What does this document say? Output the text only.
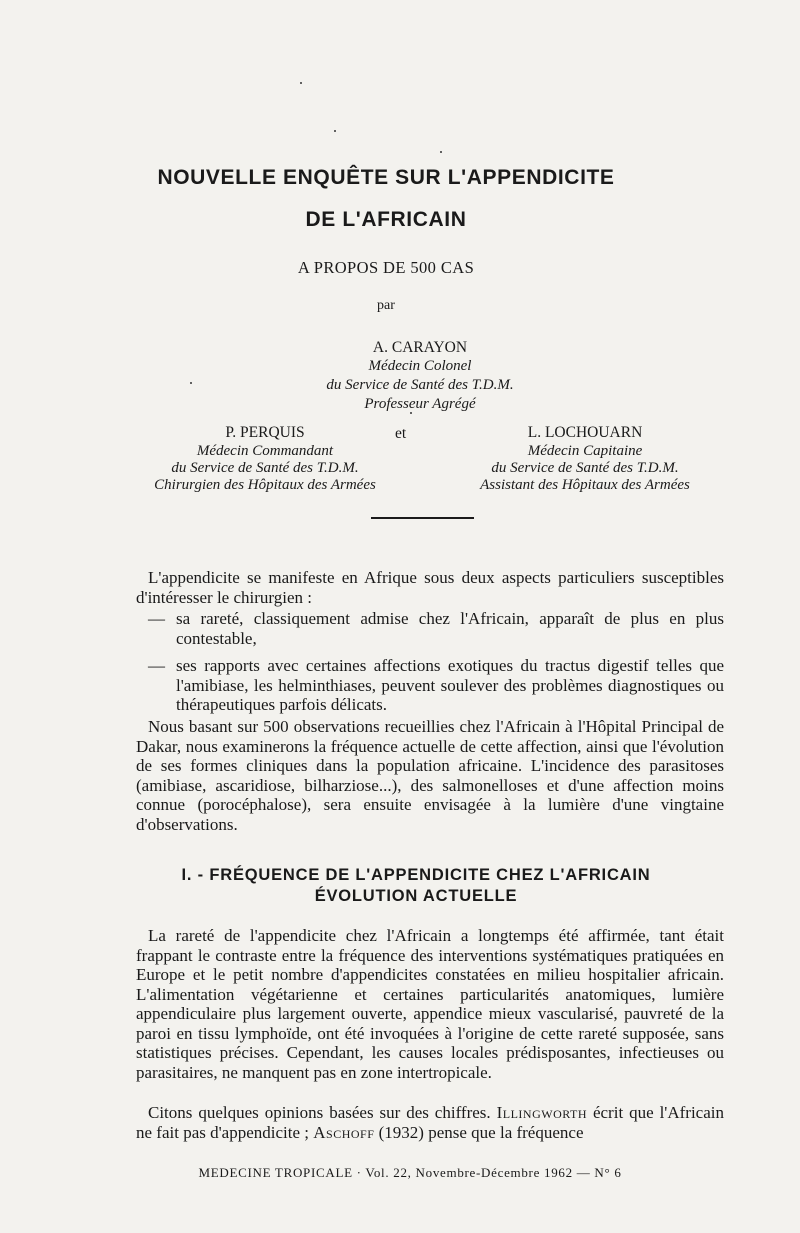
NOUVELLE ENQUÊTE SUR L'APPENDICITE
DE L'AFRICAIN
A PROPOS DE 500 CAS
par
A. CARAYON
Médecin Colonel
du Service de Santé des T.D.M.
Professeur Agrégé
P. PERQUIS
Médecin Commandant
du Service de Santé des T.D.M.
Chirurgien des Hôpitaux des Armées
et	L. LOCHOUARN
Médecin Capitaine
du Service de Santé des T.D.M.
Assistant des Hôpitaux des Armées

L'appendicite se manifeste en Afrique sous deux aspects particuliers susceptibles d'intéresser le chirurgien :

— sa rareté, classiquement admise chez l'Africain, apparaît de plus en plus contestable,
— ses rapports avec certaines affections exotiques du tractus digestif telles que l'amibiase, les helminthiases, peuvent soulever des problèmes diagnostiques ou thérapeutiques parfois délicats.

Nous basant sur 500 observations recueillies chez l'Africain à l'Hôpital Principal de Dakar, nous examinerons la fréquence actuelle de cette affection, ainsi que l'évolution de ses formes cliniques dans la population africaine. L'incidence des parasitoses (amibiase, ascaridiose, bilharziose...), des salmonelloses et d'une affection moins connue (porocéphalose), sera ensuite envisagée à la lumière d'une vingtaine d'observations.

I. - FRÉQUENCE DE L'APPENDICITE CHEZ L'AFRICAIN
ÉVOLUTION ACTUELLE

La rareté de l'appendicite chez l'Africain a longtemps été affirmée, tant était frappant le contraste entre la fréquence des interventions systématiques pratiquées en Europe et le petit nombre d'appendicites constatées en milieu hospitalier africain. L'alimentation végétarienne et certaines particularités anatomiques, lumière appendiculaire plus largement ouverte, appendice mieux vascularisé, pauvreté de la paroi en tissu lymphoïde, ont été invoquées à l'origine de cette rareté supposée, sans statistiques précises. Cependant, les causes locales prédisposantes, infectieuses ou parasitaires, ne manquent pas en zone intertropicale.

Citons quelques opinions basées sur des chiffres. Illingworth écrit que l'Africain ne fait pas d'appendicite ; Aschoff (1932) pense que la fréquence

MEDECINE TROPICALE · Vol. 22, Novembre-Décembre 1962 — N° 6
